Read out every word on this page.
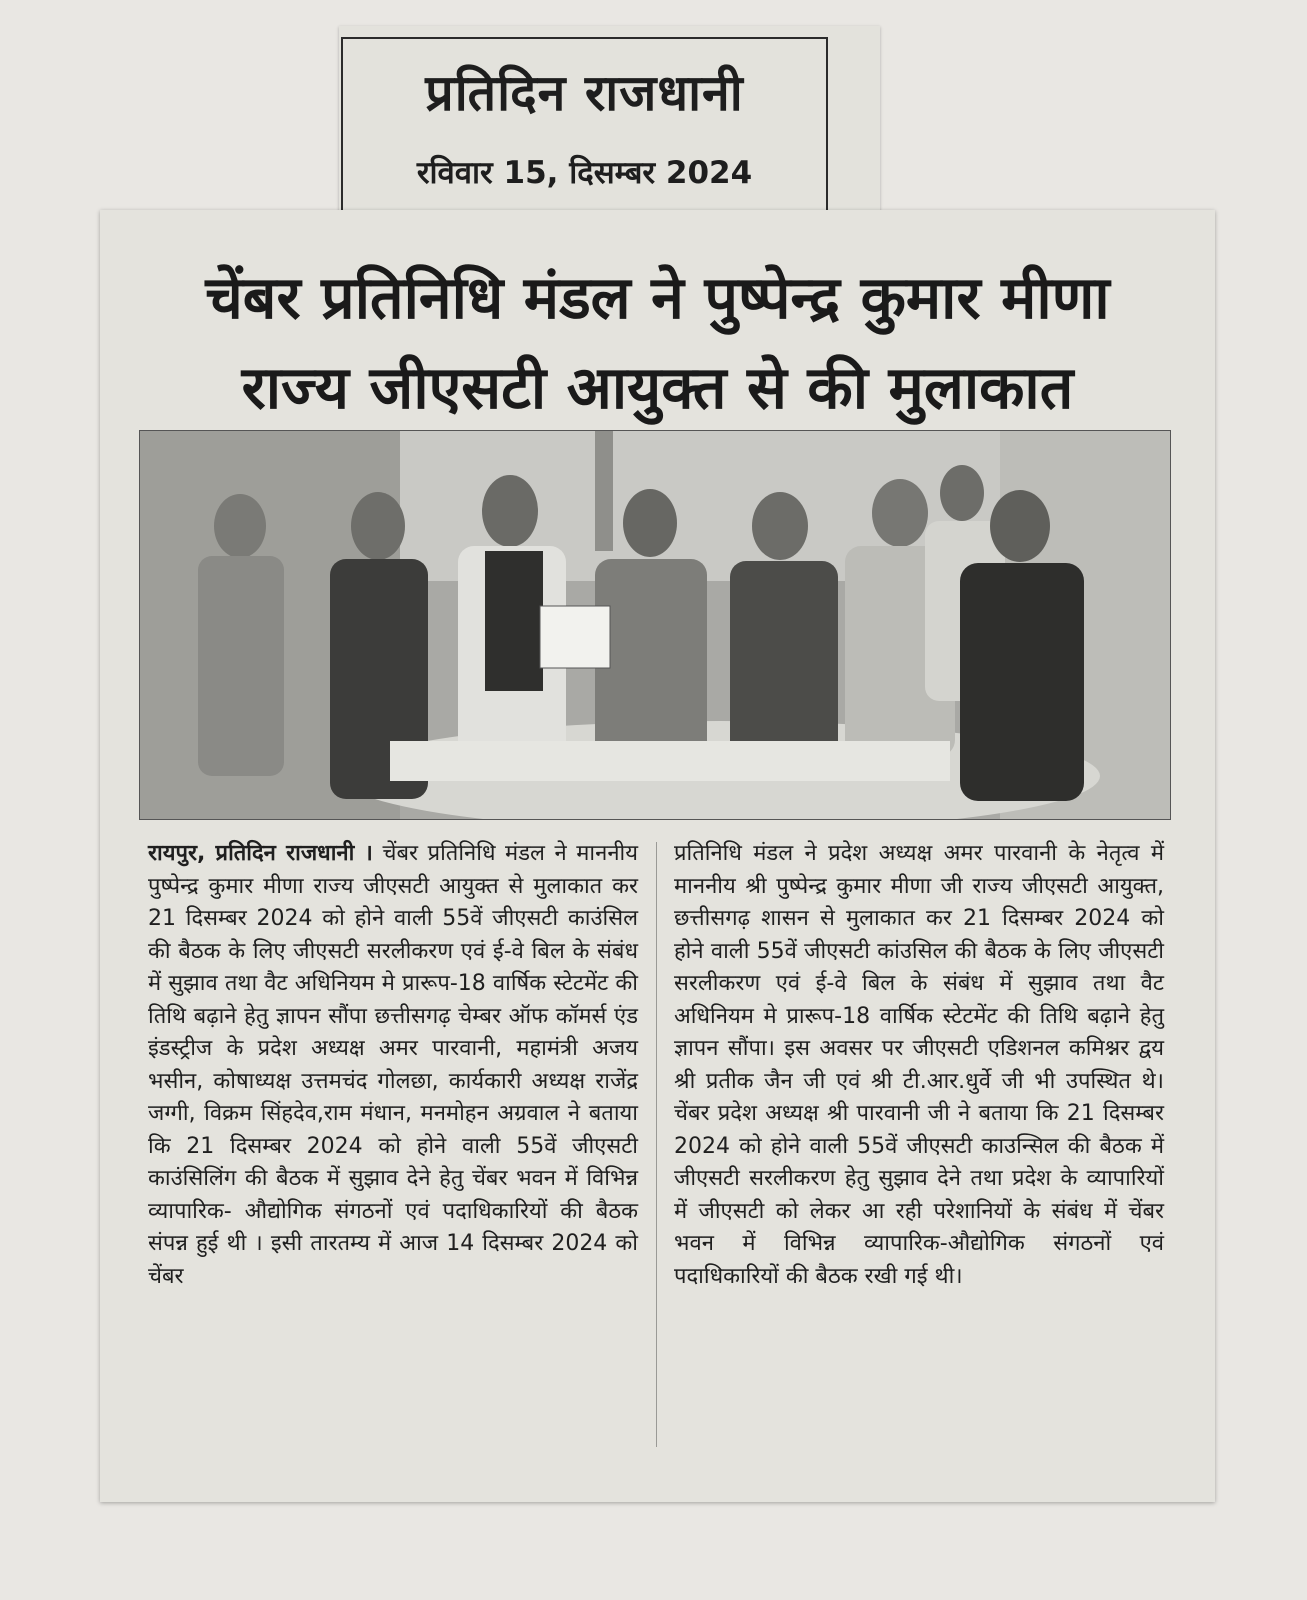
प्रतिदिन राजधानी
रविवार 15, दिसम्बर 2024
चेंबर प्रतिनिधि मंडल ने पुष्पेन्द्र कुमार मीणा
राज्य जीएसटी आयुक्त से की मुलाकात

रायपुर, प्रतिदिन राजधानी । चेंबर प्रतिनिधि मंडल ने माननीय पुष्पेन्द्र कुमार मीणा राज्य जीएसटी आयुक्त से मुलाकात कर 21 दिसम्बर 2024 को होने वाली 55वें जीएसटी काउंसिल की बैठक के लिए जीएसटी सरलीकरण एवं ई-वे बिल के संबंध में सुझाव तथा वैट अधिनियम मे प्रारूप-18 वार्षिक स्टेटमेंट की तिथि बढ़ाने हेतु ज्ञापन सौंपा छत्तीसगढ़ चेम्बर ऑफ कॉमर्स एंड इंडस्ट्रीज के प्रदेश अध्यक्ष अमर पारवानी, महामंत्री अजय भसीन, कोषाध्यक्ष उत्तमचंद गोलछा, कार्यकारी अध्यक्ष राजेंद्र जग्गी, विक्रम सिंहदेव,राम मंधान, मनमोहन अग्रवाल ने बताया कि 21 दिसम्बर 2024 को होने वाली 55वें जीएसटी काउंसिलिंग की बैठक में सुझाव देने हेतु चेंबर भवन में विभिन्न व्यापारिक- औद्योगिक संगठनों एवं पदाधिकारियों की बैठक संपन्न हुई थी । इसी तारतम्य में आज 14 दिसम्बर 2024 को चेंबर

प्रतिनिधि मंडल ने प्रदेश अध्यक्ष अमर पारवानी के नेतृत्व में माननीय श्री पुष्पेन्द्र कुमार मीणा जी राज्य जीएसटी आयुक्त, छत्तीसगढ़ शासन से मुलाकात कर 21 दिसम्बर 2024 को होने वाली 55वें जीएसटी कांउसिल की बैठक के लिए जीएसटी सरलीकरण एवं ई-वे बिल के संबंध में सुझाव तथा वैट अधिनियम मे प्रारूप-18 वार्षिक स्टेटमेंट की तिथि बढ़ाने हेतु ज्ञापन सौंपा। इस अवसर पर जीएसटी एडिशनल कमिश्नर द्वय श्री प्रतीक जैन जी एवं श्री टी.आर.धुर्वे जी भी उपस्थित थे। चेंबर प्रदेश अध्यक्ष श्री पारवानी जी ने बताया कि 21 दिसम्बर 2024 को होने वाली 55वें जीएसटी काउन्सिल की बैठक में जीएसटी सरलीकरण हेतु सुझाव देने तथा प्रदेश के व्यापारियों में जीएसटी को लेकर आ रही परेशानियों के संबंध में चेंबर भवन में विभिन्न व्यापारिक-औद्योगिक संगठनों एवं पदाधिकारियों की बैठक रखी गई थी।
